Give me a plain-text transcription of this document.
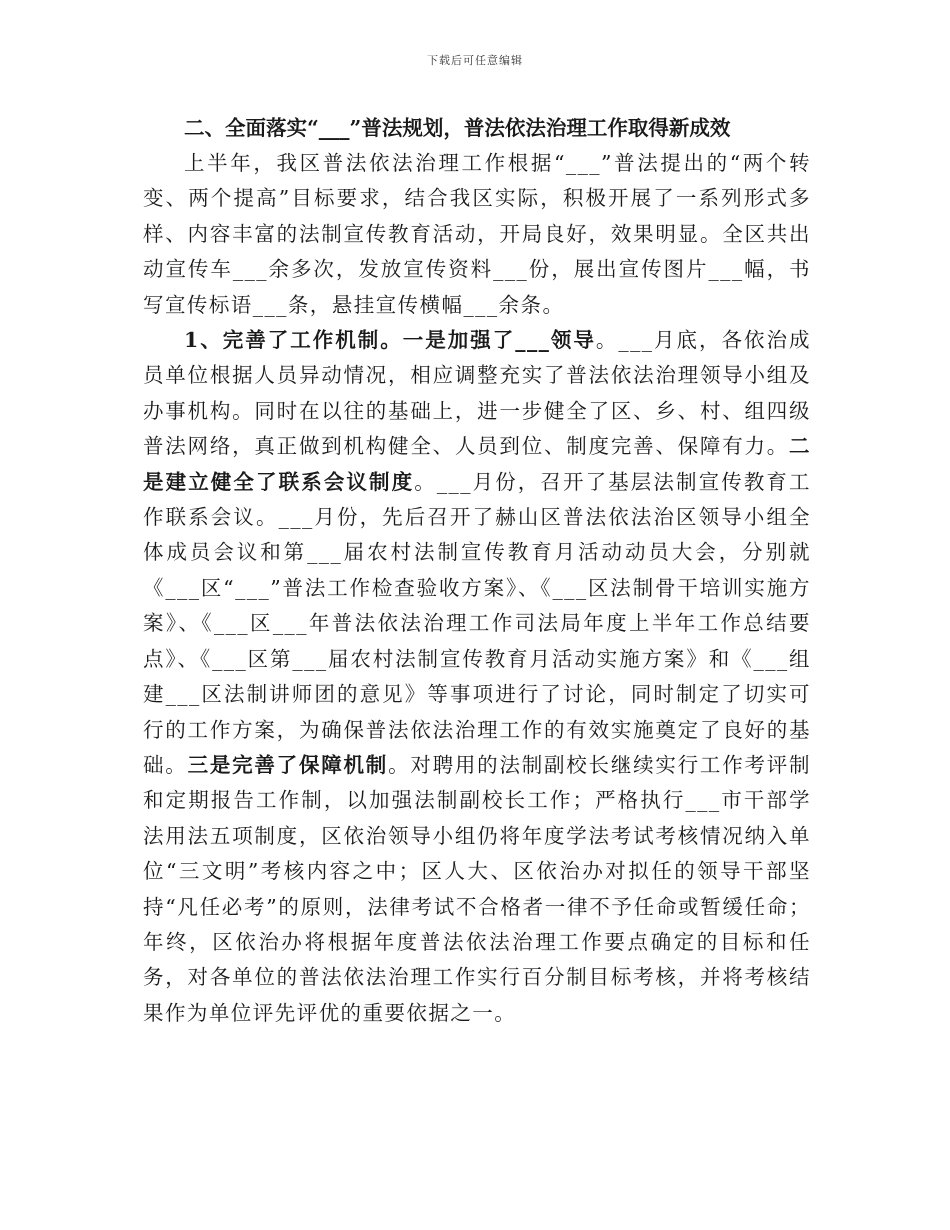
下载后可任意编辑

二、全面落实“___”普法规划，普法依法治理工作取得新成效

上半年，我区普法依法治理工作根据“___”普法提出的“两个转变、两个提高”目标要求，结合我区实际，积极开展了一系列形式多样、内容丰富的法制宣传教育活动，开局良好，效果明显。全区共出动宣传车___余多次，发放宣传资料___份，展出宣传图片___幅，书写宣传标语___条，悬挂宣传横幅___余条。

1、完善了工作机制。一是加强了___领导。___月底，各依治成员单位根据人员异动情况，相应调整充实了普法依法治理领导小组及办事机构。同时在以往的基础上，进一步健全了区、乡、村、组四级普法网络，真正做到机构健全、人员到位、制度完善、保障有力。二是建立健全了联系会议制度。___月份，召开了基层法制宣传教育工作联系会议。___月份，先后召开了赫山区普法依法治区领导小组全体成员会议和第___届农村法制宣传教育月活动动员大会，分别就《___区“___”普法工作检查验收方案》、《___区法制骨干培训实施方案》、《___区___年普法依法治理工作司法局年度上半年工作总结要点》、《___区第___届农村法制宣传教育月活动实施方案》和《___组建___区法制讲师团的意见》等事项进行了讨论，同时制定了切实可行的工作方案，为确保普法依法治理工作的有效实施奠定了良好的基础。三是完善了保障机制。对聘用的法制副校长继续实行工作考评制和定期报告工作制，以加强法制副校长工作；严格执行___市干部学法用法五项制度，区依治领导小组仍将年度学法考试考核情况纳入单位“三文明”考核内容之中；区人大、区依治办对拟任的领导干部坚持“凡任必考”的原则，法律考试不合格者一律不予任命或暂缓任命；年终，区依治办将根据年度普法依法治理工作要点确定的目标和任务，对各单位的普法依法治理工作实行百分制目标考核，并将考核结果作为单位评先评优的重要依据之一。
